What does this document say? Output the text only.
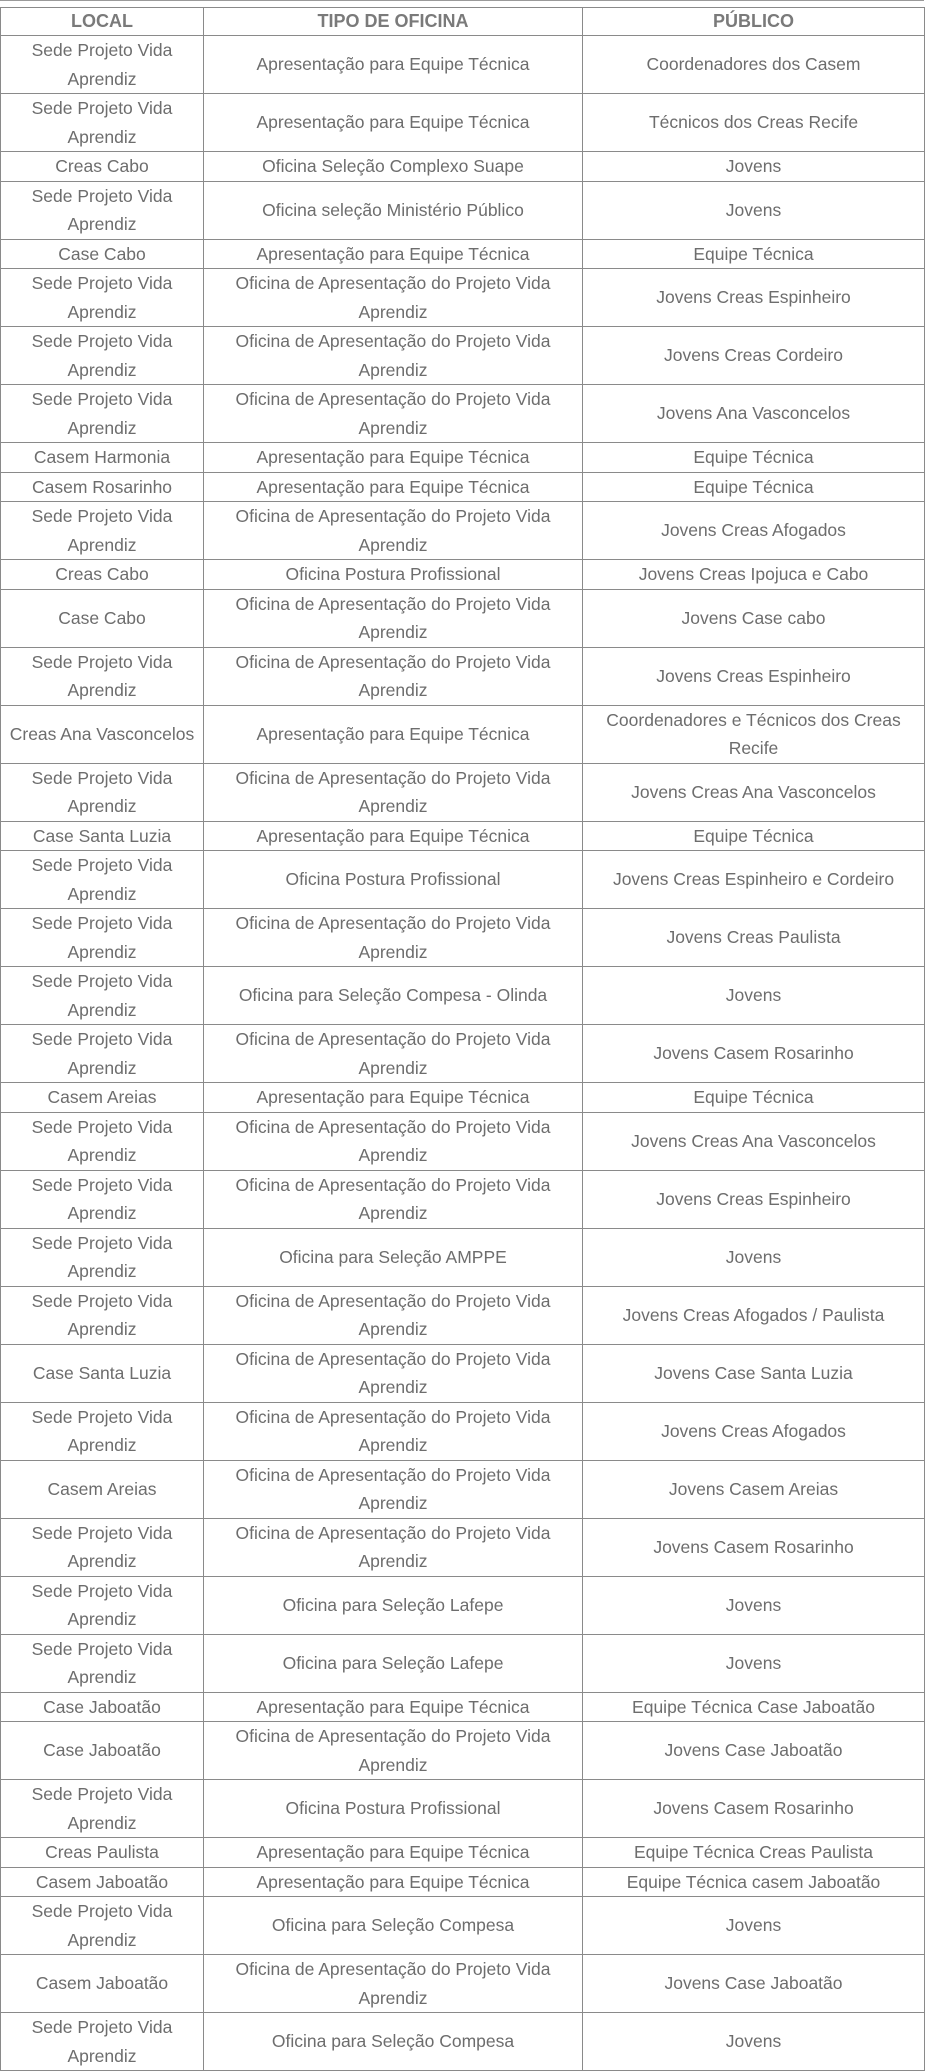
LOCAL	TIPO DE OFICINA	PÚBLICO
Sede Projeto Vida Aprendiz	Apresentação para Equipe Técnica	Coordenadores dos Casem
Sede Projeto Vida Aprendiz	Apresentação para Equipe Técnica	Técnicos dos Creas Recife
Creas Cabo	Oficina Seleção Complexo Suape	Jovens
Sede Projeto Vida Aprendiz	Oficina seleção Ministério Público	Jovens
Case Cabo	Apresentação para Equipe Técnica	Equipe Técnica
Sede Projeto Vida Aprendiz	Oficina de Apresentação do Projeto Vida Aprendiz	Jovens Creas Espinheiro
Sede Projeto Vida Aprendiz	Oficina de Apresentação do Projeto Vida Aprendiz	Jovens Creas Cordeiro
Sede Projeto Vida Aprendiz	Oficina de Apresentação do Projeto Vida Aprendiz	Jovens Ana Vasconcelos
Casem Harmonia	Apresentação para Equipe Técnica	Equipe Técnica
Casem Rosarinho	Apresentação para Equipe Técnica	Equipe Técnica
Sede Projeto Vida Aprendiz	Oficina de Apresentação do Projeto Vida Aprendiz	Jovens Creas Afogados
Creas Cabo	Oficina Postura Profissional	Jovens Creas Ipojuca e Cabo
Case Cabo	Oficina de Apresentação do Projeto Vida Aprendiz	Jovens Case cabo
Sede Projeto Vida Aprendiz	Oficina de Apresentação do Projeto Vida Aprendiz	Jovens Creas Espinheiro
Creas Ana Vasconcelos	Apresentação para Equipe Técnica	Coordenadores e Técnicos dos Creas Recife
Sede Projeto Vida Aprendiz	Oficina de Apresentação do Projeto Vida Aprendiz	Jovens Creas Ana Vasconcelos
Case Santa Luzia	Apresentação para Equipe Técnica	Equipe Técnica
Sede Projeto Vida Aprendiz	Oficina Postura Profissional	Jovens Creas Espinheiro e Cordeiro
Sede Projeto Vida Aprendiz	Oficina de Apresentação do Projeto Vida Aprendiz	Jovens Creas Paulista
Sede Projeto Vida Aprendiz	Oficina para Seleção Compesa - Olinda	Jovens
Sede Projeto Vida Aprendiz	Oficina de Apresentação do Projeto Vida Aprendiz	Jovens Casem Rosarinho
Casem Areias	Apresentação para Equipe Técnica	Equipe Técnica
Sede Projeto Vida Aprendiz	Oficina de Apresentação do Projeto Vida Aprendiz	Jovens Creas Ana Vasconcelos
Sede Projeto Vida Aprendiz	Oficina de Apresentação do Projeto Vida Aprendiz	Jovens Creas Espinheiro
Sede Projeto Vida Aprendiz	Oficina para Seleção AMPPE	Jovens
Sede Projeto Vida Aprendiz	Oficina de Apresentação do Projeto Vida Aprendiz	Jovens Creas Afogados / Paulista
Case Santa Luzia	Oficina de Apresentação do Projeto Vida Aprendiz	Jovens Case Santa Luzia
Sede Projeto Vida Aprendiz	Oficina de Apresentação do Projeto Vida Aprendiz	Jovens Creas Afogados
Casem Areias	Oficina de Apresentação do Projeto Vida Aprendiz	Jovens Casem Areias
Sede Projeto Vida Aprendiz	Oficina de Apresentação do Projeto Vida Aprendiz	Jovens Casem Rosarinho
Sede Projeto Vida Aprendiz	Oficina para Seleção Lafepe	Jovens
Sede Projeto Vida Aprendiz	Oficina para Seleção Lafepe	Jovens
Case Jaboatão	Apresentação para Equipe Técnica	Equipe Técnica Case Jaboatão
Case Jaboatão	Oficina de Apresentação do Projeto Vida Aprendiz	Jovens Case Jaboatão
Sede Projeto Vida Aprendiz	Oficina Postura Profissional	Jovens Casem Rosarinho
Creas Paulista	Apresentação para Equipe Técnica	Equipe Técnica Creas Paulista
Casem Jaboatão	Apresentação para Equipe Técnica	Equipe Técnica casem Jaboatão
Sede Projeto Vida Aprendiz	Oficina para Seleção Compesa	Jovens
Casem Jaboatão	Oficina de Apresentação do Projeto Vida Aprendiz	Jovens Case Jaboatão
Sede Projeto Vida Aprendiz	Oficina para Seleção Compesa	Jovens
